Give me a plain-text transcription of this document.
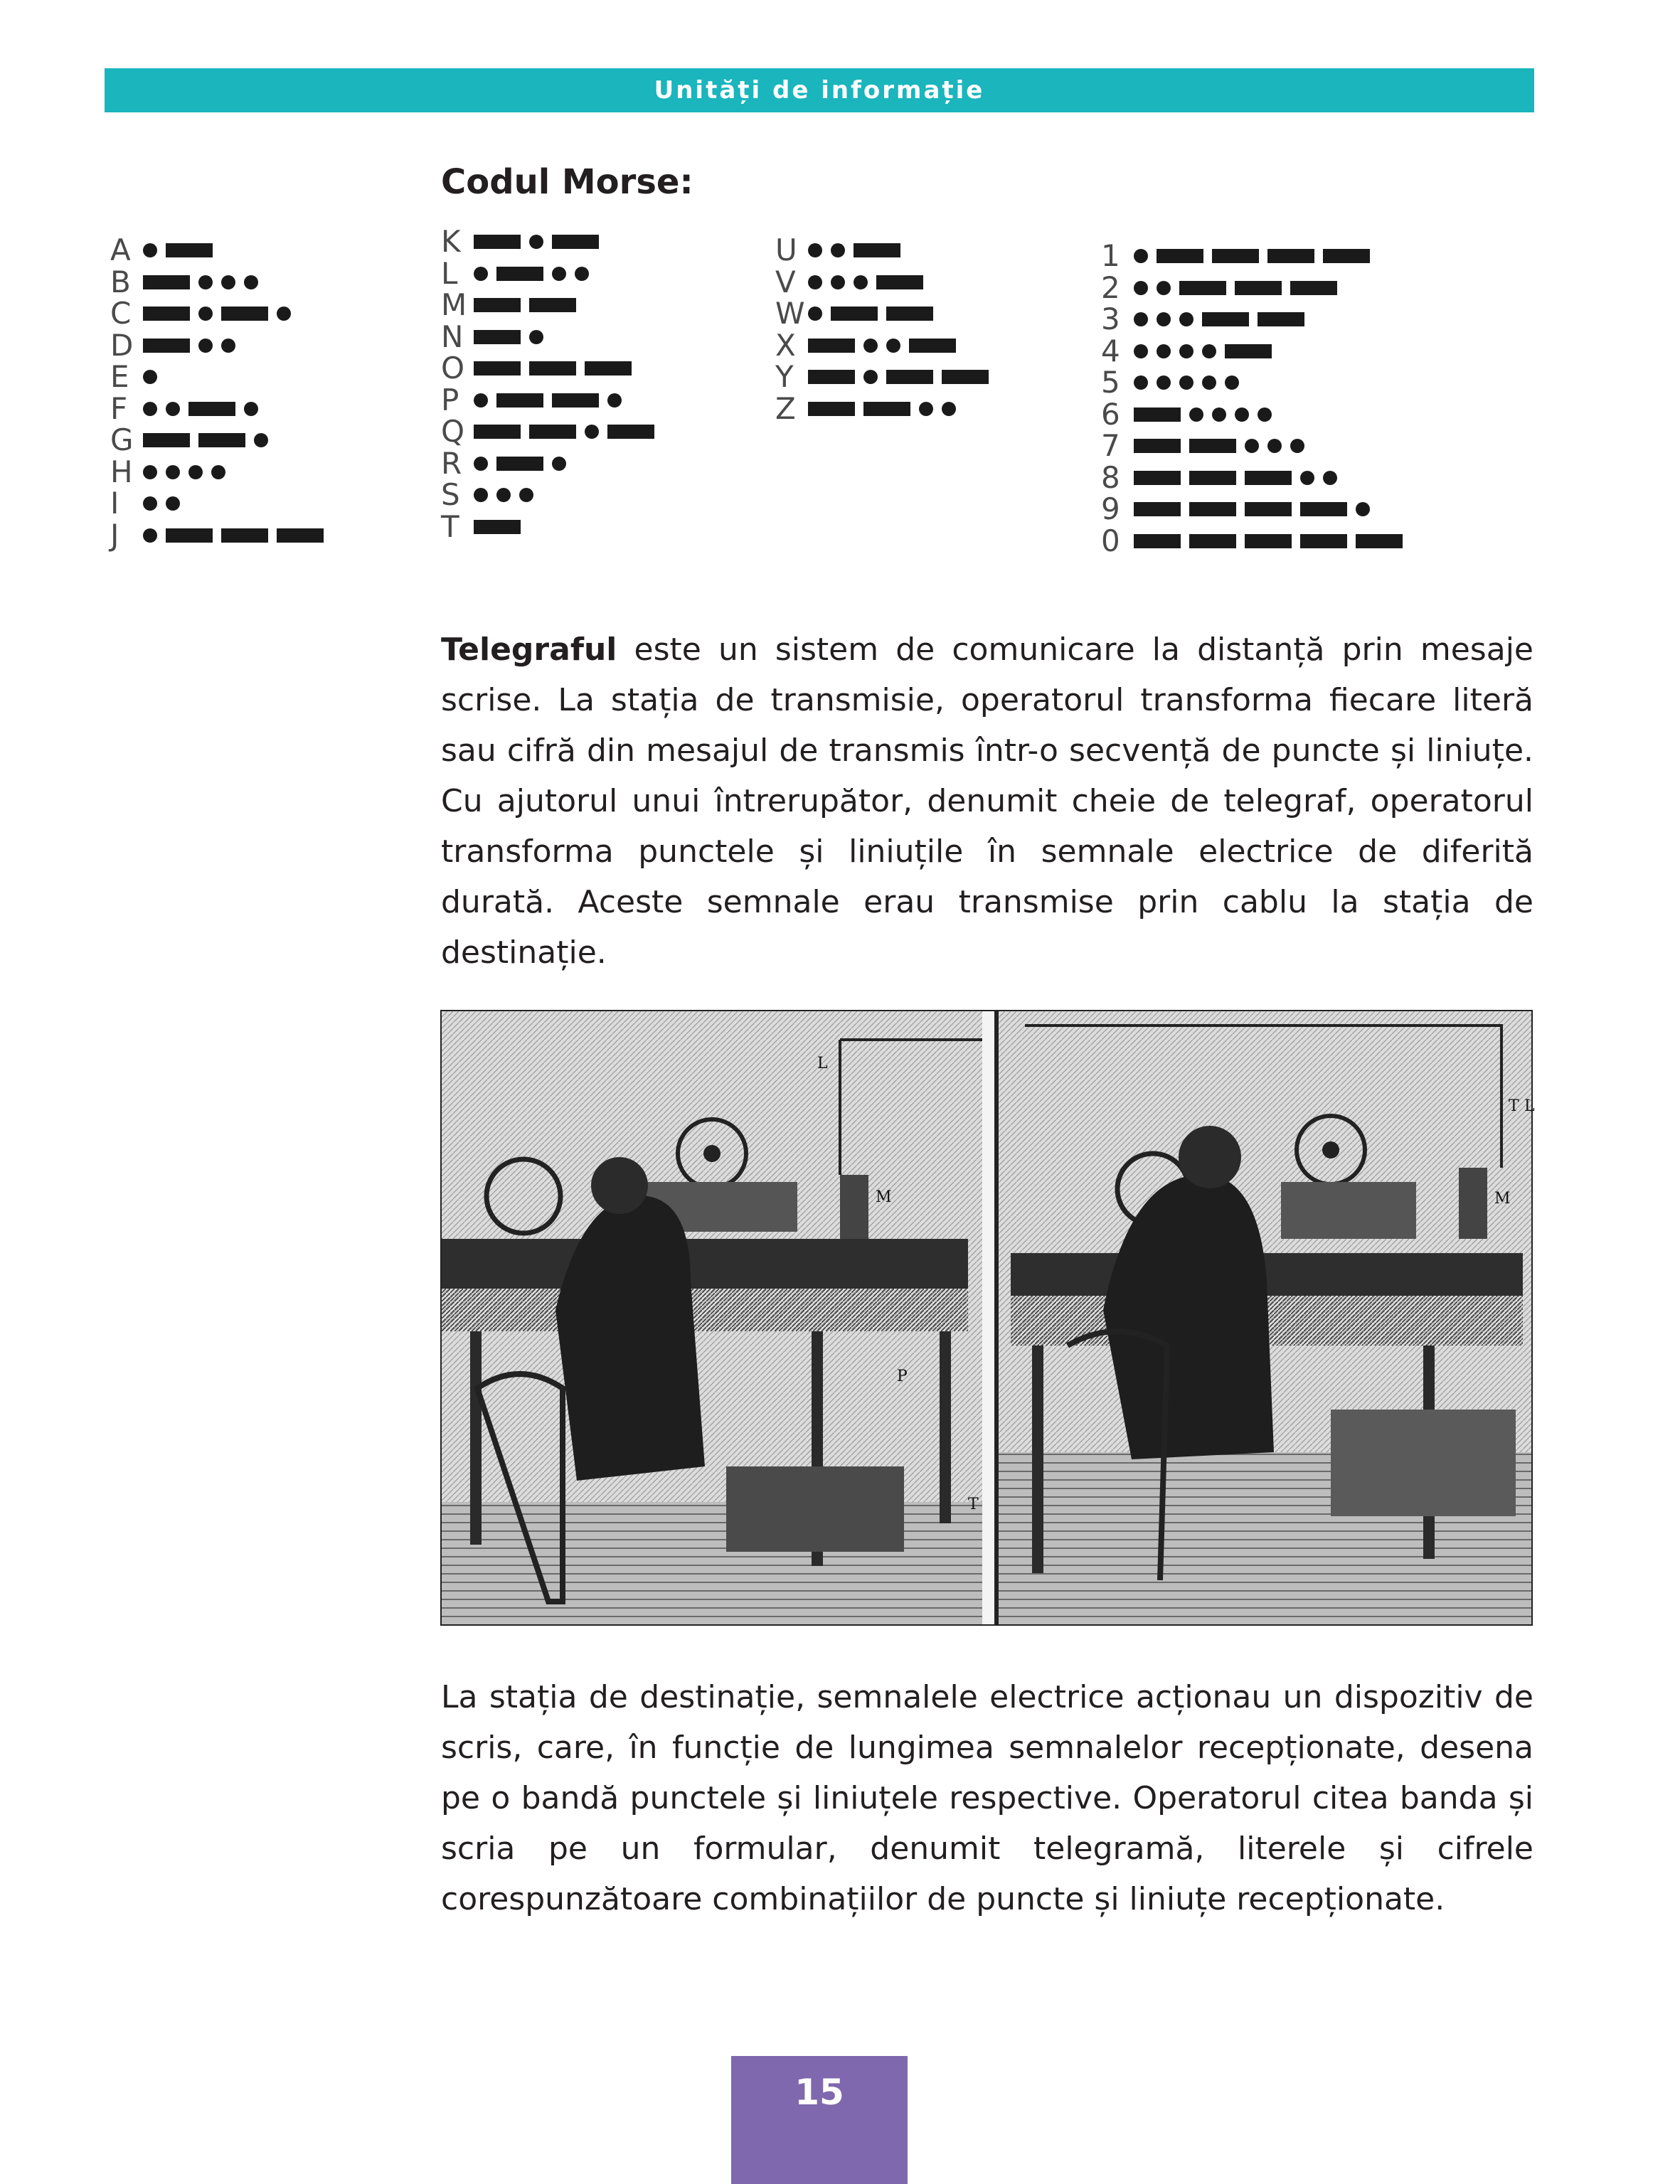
Unități de informație
Codul Morse:
A
B
C
D
E
F
G
H
I
J
K
L
M
N
O
P
Q
R
S
T
U
V
W
X
Y
Z
1
2
3
4
5
6
7
8
9
0
Telegraful este un sistem de comunicare la distanță prin mesaje scrise. La stația de transmisie, operatorul transforma fiecare literă sau cifră din mesajul de transmis într-o secvență de puncte și liniuțe. Cu ajutorul unui întrerupător, denumit cheie de telegraf, operatorul transforma punctele și liniuțile în semnale electrice de diferită durată. Aceste semnale erau transmise prin cablu la stația de destinație.
L
M
P
T
T L
M
La stația de destinație, semnalele electrice acționau un dispozitiv de scris, care, în funcție de lungimea semnalelor recepționate, desena pe o bandă punctele și liniuțele respective. Operatorul citea banda și scria pe un formular, denumit telegramă, literele și cifrele corespunzătoare combinațiilor de puncte și liniuțe recepționate.
15
